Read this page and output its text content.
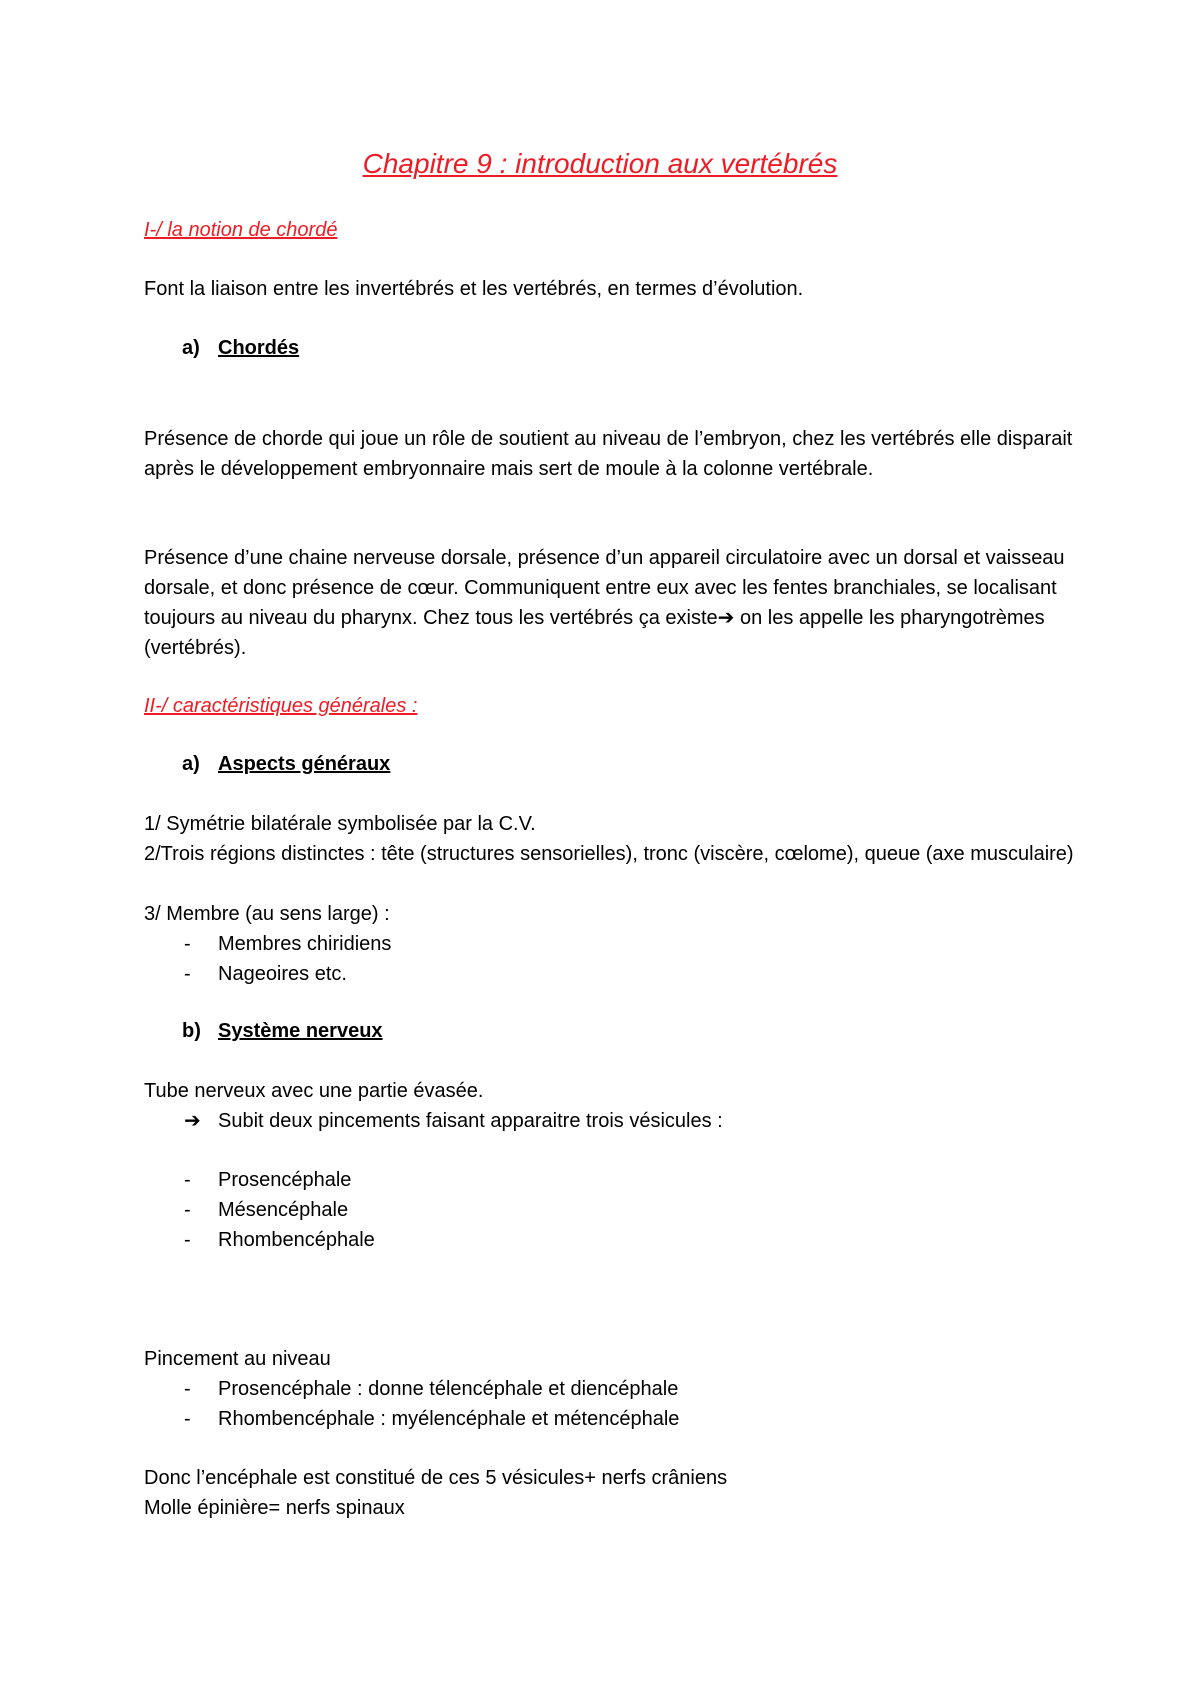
Chapitre 9 : introduction aux vertébrés
I-/ la notion de chordé
Font la liaison entre les invertébrés et les vertébrés, en termes d’évolution.
a) Chordés
Présence de chorde qui joue un rôle de soutient au niveau de l’embryon, chez les vertébrés elle disparait après le développement embryonnaire mais sert de moule à la colonne vertébrale.
Présence d’une chaine nerveuse dorsale, présence d’un appareil circulatoire avec un dorsal et vaisseau dorsale, et donc présence de cœur. Communiquent entre eux avec les fentes branchiales, se localisant toujours au niveau du pharynx. Chez tous les vertébrés ça existe➔ on les appelle les pharyngotrèmes (vertébrés).
II-/ caractéristiques générales :
a) Aspects généraux
1/ Symétrie bilatérale symbolisée par la C.V.
2/Trois régions distinctes : tête (structures sensorielles), tronc (viscère, cœlome), queue (axe musculaire)
3/ Membre (au sens large) :
- Membres chiridiens
- Nageoires etc.
b) Système nerveux
Tube nerveux avec une partie évasée.
➔ Subit deux pincements faisant apparaitre trois vésicules :
- Prosencéphale
- Mésencéphale
- Rhombencéphale
Pincement au niveau
- Prosencéphale : donne télencéphale et diencéphale
- Rhombencéphale : myélencéphale et métencéphale
Donc l’encéphale est constitué de ces 5 vésicules+ nerfs crâniens
Molle épinière= nerfs spinaux
